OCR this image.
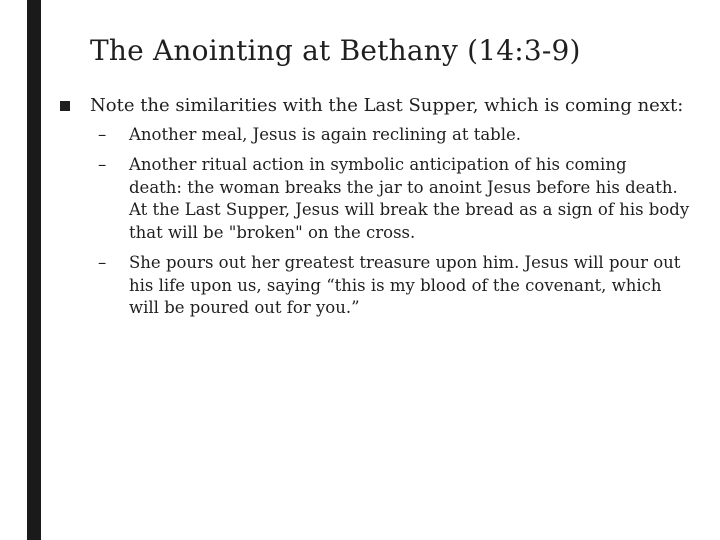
The Anointing at Bethany (14:3-9)
Note the similarities with the Last Supper, which is coming next:
–	Another meal, Jesus is again reclining at table.
–	Another ritual action in symbolic anticipation of his coming
death: the woman breaks the jar to anoint Jesus before his death.
At the Last Supper, Jesus will break the bread as a sign of his body
that will be "broken" on the cross.
–	She pours out her greatest treasure upon him. Jesus will pour out
his life upon us, saying “this is my blood of the covenant, which
will be poured out for you.”
